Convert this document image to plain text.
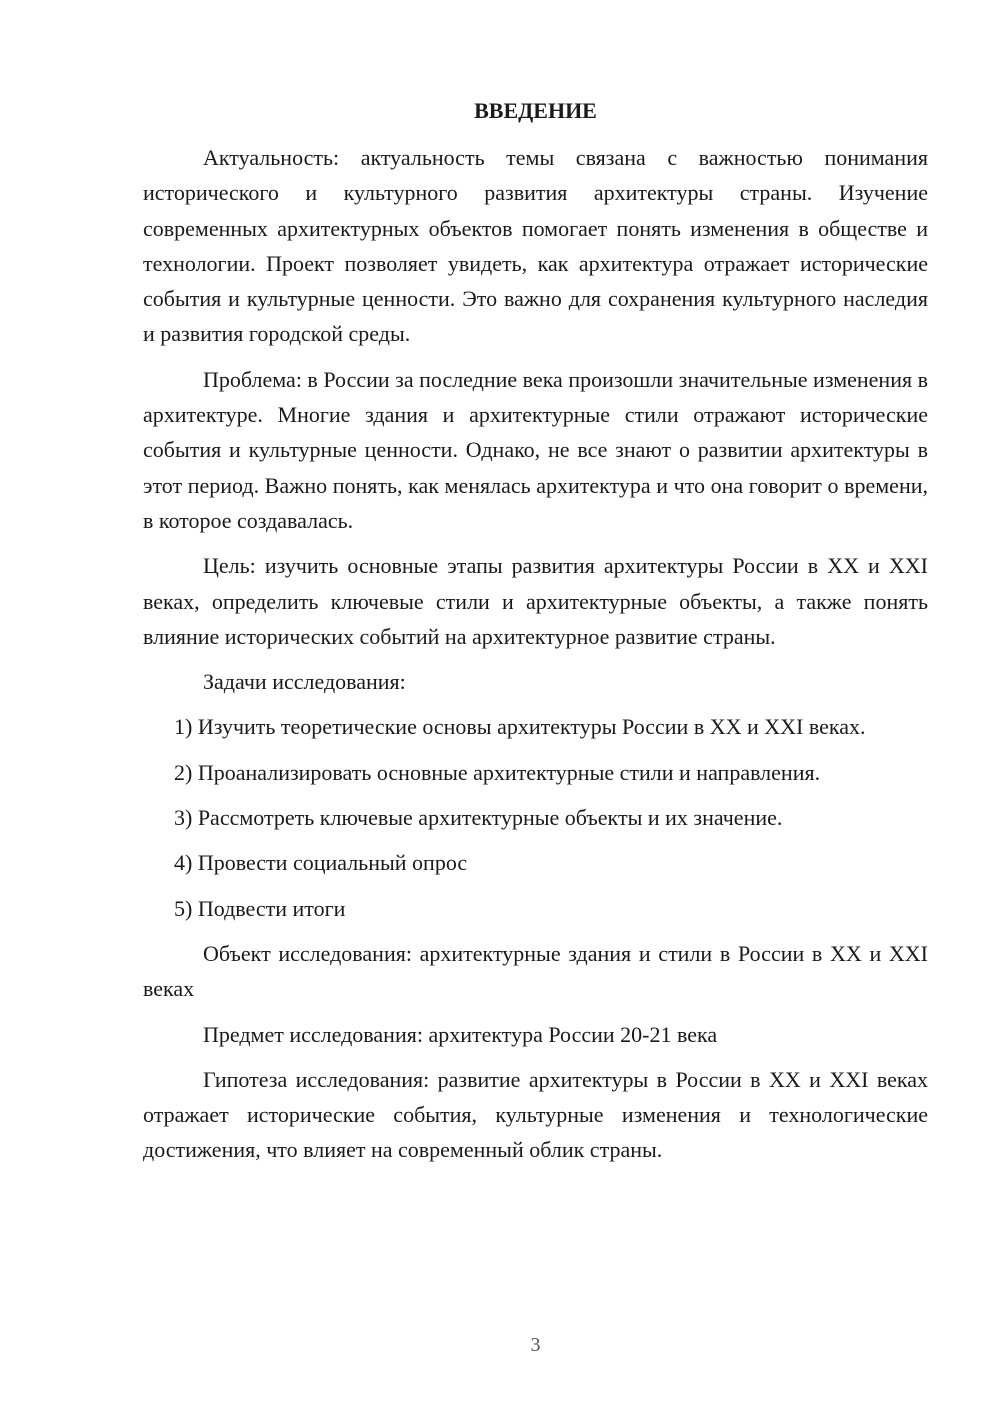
ВВЕДЕНИЕ

Актуальность: актуальность темы связана с важностью понимания исторического и культурного развития архитектуры страны. Изучение современных архитектурных объектов помогает понять изменения в обществе и технологии. Проект позволяет увидеть, как архитектура отражает исторические события и культурные ценности. Это важно для сохранения культурного наследия и развития городской среды.

Проблема: в России за последние века произошли значительные изменения в архитектуре. Многие здания и архитектурные стили отражают исторические события и культурные ценности. Однако, не все знают о развитии архитектуры в этот период. Важно понять, как менялась архитектура и что она говорит о времени, в которое создавалась.

Цель: изучить основные этапы развития архитектуры России в XX и XXI веках, определить ключевые стили и архитектурные объекты, а также понять влияние исторических событий на архитектурное развитие страны.

Задачи исследования:

1) Изучить теоретические основы архитектуры России в XX и XXI веках.

2) Проанализировать основные архитектурные стили и направления.

3) Рассмотреть ключевые архитектурные объекты и их значение.

4) Провести социальный опрос

5) Подвести итоги

Объект исследования: архитектурные здания и стили в России в XX и XXI веках

Предмет исследования: архитектура России 20-21 века

Гипотеза исследования: развитие архитектуры в России в XX и XXI веках отражает исторические события, культурные изменения и технологические достижения, что влияет на современный облик страны.

3
